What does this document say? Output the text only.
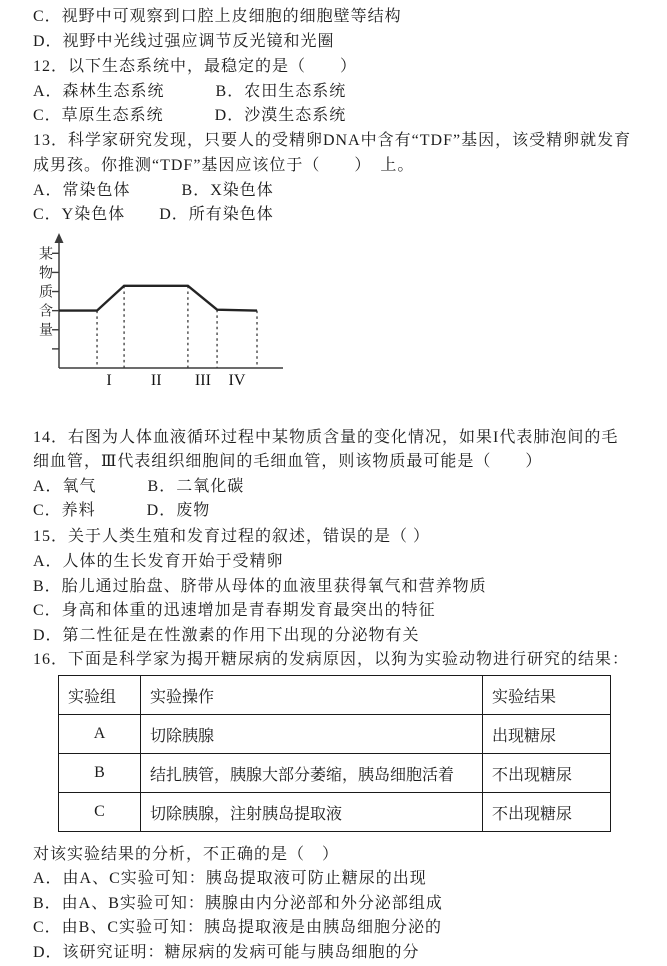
C．视野中可观察到口腔上皮细胞的细胞壁等结构
D．视野中光线过强应调节反光镜和光圈
12．以下生态系统中，最稳定的是（　　）
A．森林生态系统　　　B．农田生态系统
C．草原生态系统　　　D．沙漠生态系统
13．科学家研究发现，只要人的受精卵DNA中含有“TDF”基因，该受精卵就发育
成男孩。你推测“TDF”基因应该位于（　　）　上。
A．常染色体　　　B．X染色体
C．Y染色体　　D．所有染色体
I II III IV
某物质含量
14．右图为人体血液循环过程中某物质含量的变化情况，如果I代表肺泡间的毛
细血管，Ⅲ代表组织细胞间的毛细血管，则该物质最可能是（　　）
A．氧气　　　B．二氧化碳
C．养料　　　D．废物
15．关于人类生殖和发育过程的叙述，错误的是（ ）
A．人体的生长发育开始于受精卵
B．胎儿通过胎盘、脐带从母体的血液里获得氧气和营养物质
C．身高和体重的迅速增加是青春期发育最突出的特征
D．第二性征是在性激素的作用下出现的分泌物有关
16．下面是科学家为揭开糖尿病的发病原因，以狗为实验动物进行研究的结果：
实验组	实验操作	实验结果
A	切除胰腺	出现糖尿
B	结扎胰管，胰腺大部分萎缩，胰岛细胞活着	不出现糖尿
C	切除胰腺，注射胰岛提取液	不出现糖尿
对该实验结果的分析，不正确的是（　）
A．由A、C实验可知：胰岛提取液可防止糖尿的出现
B．由A、B实验可知：胰腺由内分泌部和外分泌部组成
C．由B、C实验可知：胰岛提取液是由胰岛细胞分泌的
D．该研究证明：糖尿病的发病可能与胰岛细胞的分
